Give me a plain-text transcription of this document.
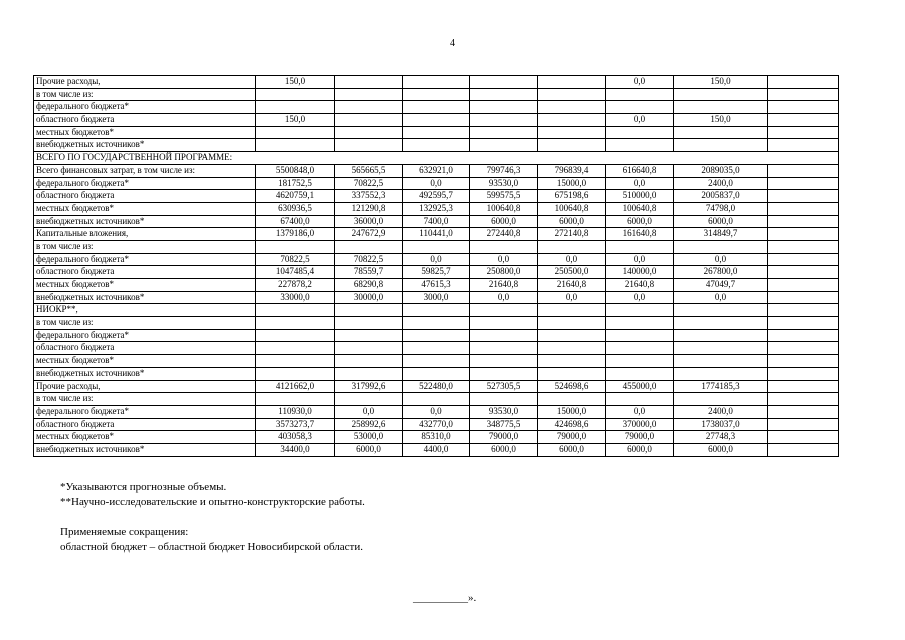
4
Прочие расходы,	150,0					0,0	150,0	
в том числе из:								
федерального бюджета*								
областного бюджета	150,0					0,0	150,0	
местных бюджетов*								
внебюджетных источников*								
ВСЕГО ПО ГОСУДАРСТВЕННОЙ ПРОГРАММЕ:								
Всего финансовых затрат, в том числе из:	5500848,0	565665,5	632921,0	799746,3	796839,4	616640,8	2089035,0	
федерального бюджета*	181752,5	70822,5	0,0	93530,0	15000,0	0,0	2400,0	
областного бюджета	4620759,1	337552,3	492595,7	599575,5	675198,6	510000,0	2005837,0	
местных бюджетов*	630936,5	121290,8	132925,3	100640,8	100640,8	100640,8	74798,0	
внебюджетных источников*	67400,0	36000,0	7400,0	6000,0	6000,0	6000,0	6000,0	
Капитальные вложения,	1379186,0	247672,9	110441,0	272440,8	272140,8	161640,8	314849,7	
в том числе из:								
федерального бюджета*	70822,5	70822,5	0,0	0,0	0,0	0,0	0,0	
областного бюджета	1047485,4	78559,7	59825,7	250800,0	250500,0	140000,0	267800,0	
местных бюджетов*	227878,2	68290,8	47615,3	21640,8	21640,8	21640,8	47049,7	
внебюджетных источников*	33000,0	30000,0	3000,0	0,0	0,0	0,0	0,0	
НИОКР**,								
в том числе из:								
федерального бюджета*								
областного бюджета								
местных бюджетов*								
внебюджетных источников*								
Прочие расходы,	4121662,0	317992,6	522480,0	527305,5	524698,6	455000,0	1774185,3	
в том числе из:								
федерального бюджета*	110930,0	0,0	0,0	93530,0	15000,0	0,0	2400,0	
областного бюджета	3573273,7	258992,6	432770,0	348775,5	424698,6	370000,0	1738037,0	
местных бюджетов*	403058,3	53000,0	85310,0	79000,0	79000,0	79000,0	27748,3	
внебюджетных источников*	34400,0	6000,0	4400,0	6000,0	6000,0	6000,0	6000,0	
*Указываются прогнозные объемы.
**Научно-исследовательские и опытно-конструкторские работы.
Применяемые сокращения:
областной бюджет – областной бюджет Новосибирской области.
__________».
